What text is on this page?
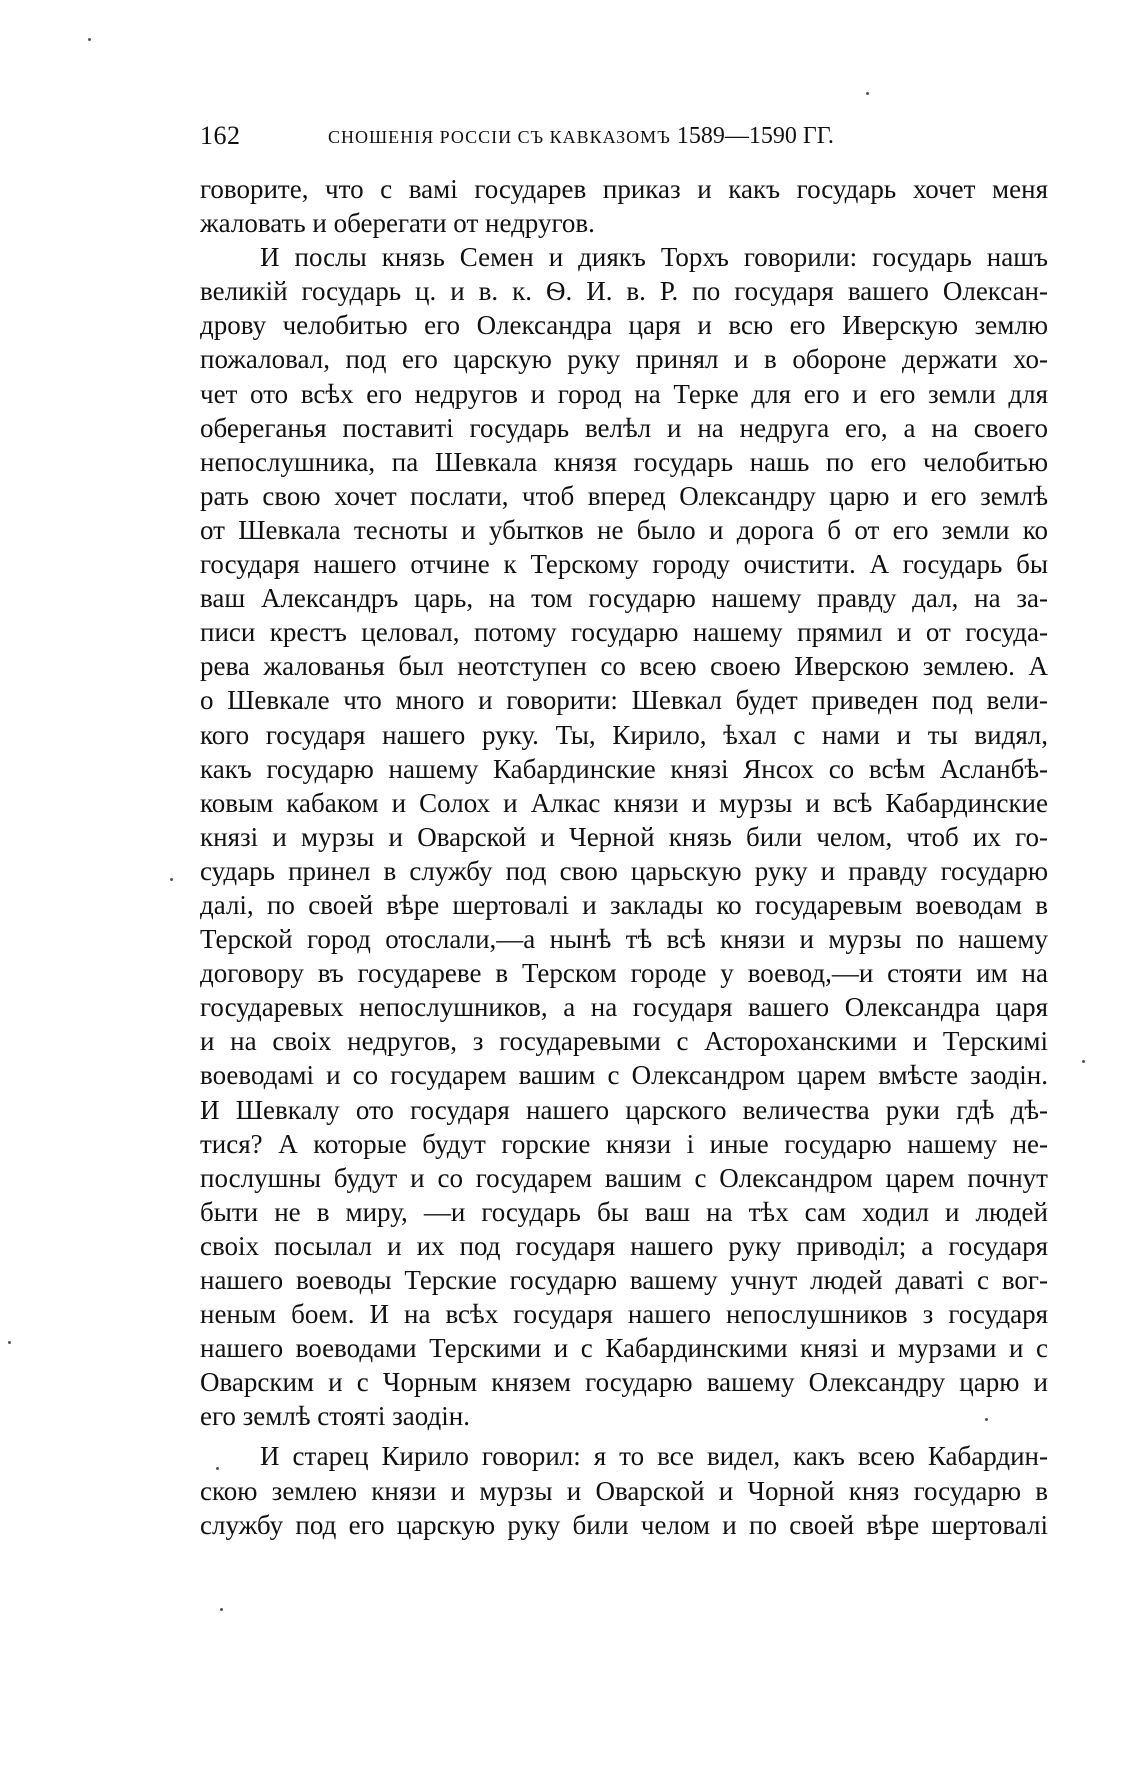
162	СНОШЕНІЯ РОССІИ СЪ КАВКАЗОМЪ 1589—1590 ГГ.
говорите, что с вамі государев приказ и какъ государь хочет меня
жаловать и оберегати от недругов.
И послы князь Семен и диякъ Торхъ говорили: государь нашъ
великій государь ц. и в. к. Ѳ. И. в. Р. по государя вашего Олексан-
дрову челобитью его Олександра царя и всю его Иверскую землю
пожаловал, под его царскую руку принял и в обороне держати хо-
чет ото всѣх его недругов и город на Терке для его и его земли для
обереганья поставиті государь велѣл и на недруга его, а на своего
непослушника, па Шевкала князя государь нашь по его челобитью
рать свою хочет послати, чтоб вперед Олександру царю и его землѣ
от Шевкала тесноты и убытков не было и дорога б от его земли ко
государя нашего отчине к Терскому городу очистити. А государь бы
ваш Александръ царь, на том государю нашему правду дал, на за-
писи крестъ целовал, потому государю нашему прямил и от госуда-
рева жалованья был неотступен со всею своею Иверскою землею. А
о Шевкале что много и говорити: Шевкал будет приведен под вели-
кого государя нашего руку. Ты, Кирило, ѣхал с нами и ты видял,
какъ государю нашему Кабардинские князі Янсох со всѣм Асланбѣ-
ковым кабаком и Солох и Алкас князи и мурзы и всѣ Кабардинские
князі и мурзы и Оварской и Черной князь били челом, чтоб их го-
сударь принел в службу под свою царьскую руку и правду государю
далі, по своей вѣре шертовалі и заклады ко государевым воеводам в
Терской город отослали,—а нынѣ тѣ всѣ князи и мурзы по нашему
договору въ государеве в Терском городе у воевод,—и стояти им на
государевых непослушников, а на государя вашего Олександра царя
и на своіх недругов, з государевыми с Астороханскими и Терскимі
воеводамі и со государем вашим с Олександром царем вмѣсте заодін.
И Шевкалу ото государя нашего царского величества руки гдѣ дѣ-
тися? А которые будут горские князи і иные государю нашему не-
послушны будут и со государем вашим с Олександром царем почнут
быти не в миру, —и государь бы ваш на тѣх сам ходил и людей
своіх посылал и их под государя нашего руку приводіл; а государя
нашего воеводы Терские государю вашему учнут людей даваті с вог-
неным боем. И на всѣх государя нашего непослушников з государя
нашего воеводами Терскими и с Кабардинскими князі и мурзами и с
Оварским и с Чорным князем государю вашему Олександру царю и
его землѣ стояті заодін.
И старец Кирило говорил: я то все видел, какъ всею Кабардин-
скою землею князи и мурзы и Оварской и Чорной княз государю в
службу под его царскую руку били челом и по своей вѣре шертовалі
